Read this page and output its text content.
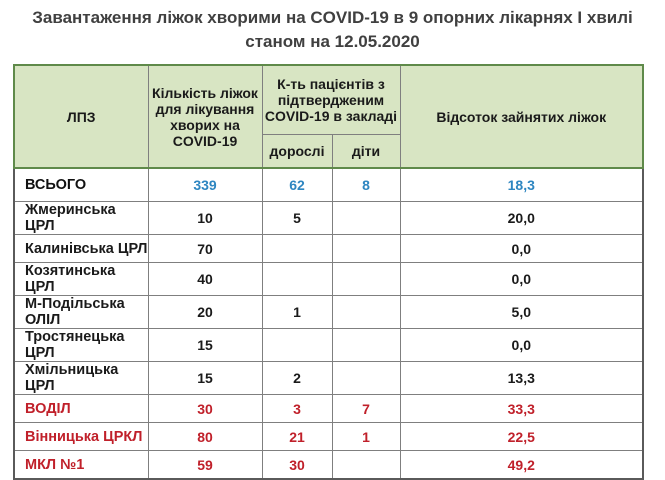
Завантаження ліжок хворими на COVID-19 в 9 опорних лікарнях І хвилі
станом на 12.05.2020
ЛПЗ	Кількість ліжок для лікування хворих на COVID-19	К-ть пацієнтів з підтвердженим COVID-19 в закладі		Відсоток зайнятих ліжок
		дорослі	діти	
ВСЬОГО	339	62	8	18,3
Жмеринська ЦРЛ	10	5		20,0
Калинівська ЦРЛ	70			0,0
Козятинська ЦРЛ	40			0,0
М-Подільська ОЛІЛ	20	1		5,0
Тростянецька ЦРЛ	15			0,0
Хмільницька ЦРЛ	15	2		13,3
ВОДІЛ	30	3	7	33,3
Вінницька ЦРКЛ	80	21	1	22,5
МКЛ №1	59	30		49,2
